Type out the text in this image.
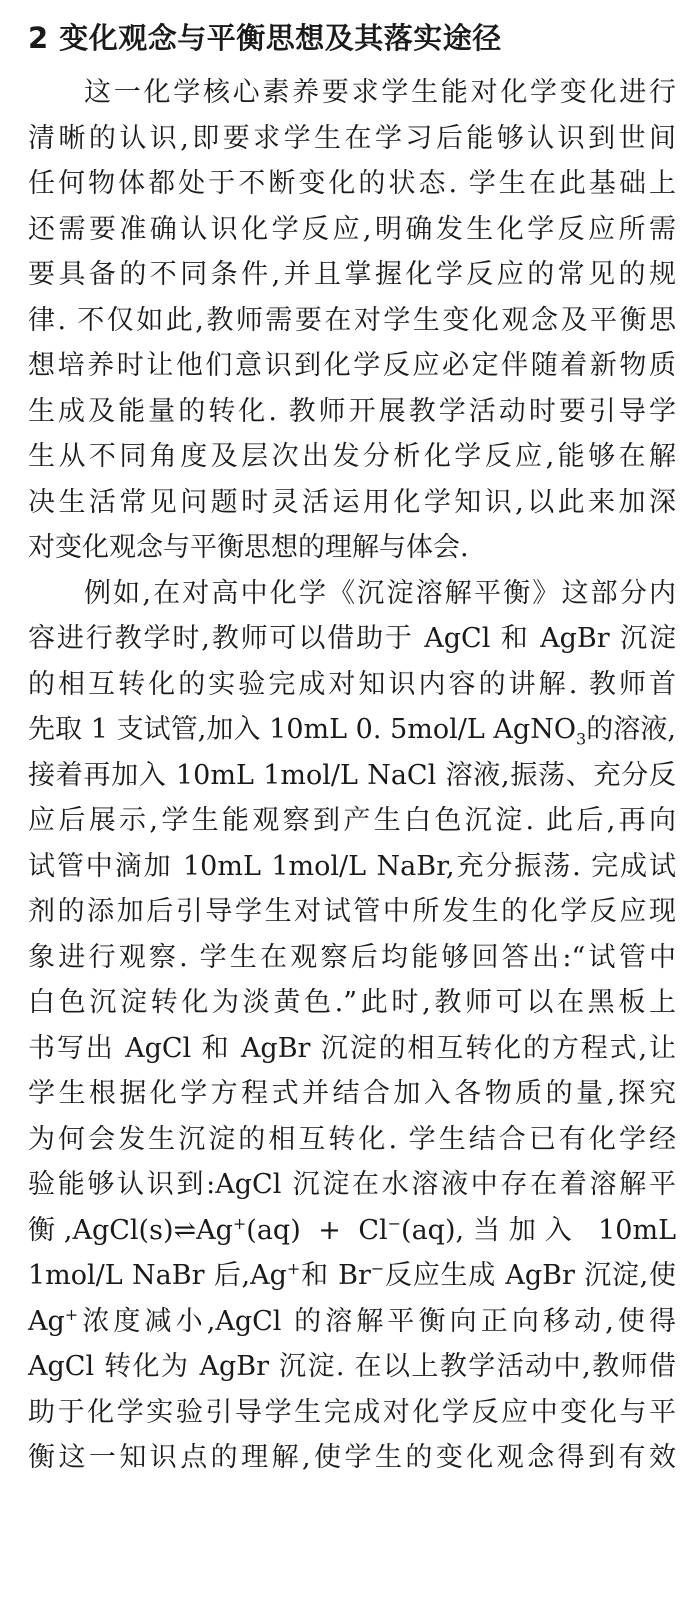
2 变化观念与平衡思想及其落实途径
这一化学核心素养要求学生能对化学变化进行
清晰的认识,即要求学生在学习后能够认识到世间
任何物体都处于不断变化的状态. 学生在此基础上
还需要准确认识化学反应,明确发生化学反应所需
要具备的不同条件,并且掌握化学反应的常见的规
律. 不仅如此,教师需要在对学生变化观念及平衡思
想培养时让他们意识到化学反应必定伴随着新物质
生成及能量的转化. 教师开展教学活动时要引导学
生从不同角度及层次出发分析化学反应,能够在解
决生活常见问题时灵活运用化学知识,以此来加深
对变化观念与平衡思想的理解与体会.
例如,在对高中化学《沉淀溶解平衡》这部分内
容进行教学时,教师可以借助于 AgCl 和 AgBr 沉淀
的相互转化的实验完成对知识内容的讲解. 教师首
先取 1 支试管,加入 10mL 0. 5mol/L AgNO$_3$的溶液,
接着再加入 10mL 1mol/L NaCl 溶液,振荡、充分反
应后展示,学生能观察到产生白色沉淀. 此后,再向
试管中滴加 10mL 1mol/L NaBr,充分振荡. 完成试
剂的添加后引导学生对试管中所发生的化学反应现
象进行观察. 学生在观察后均能够回答出:“试管中
白色沉淀转化为淡黄色.”此时,教师可以在黑板上
书写出 AgCl 和 AgBr 沉淀的相互转化的方程式,让
学生根据化学方程式并结合加入各物质的量,探究
为何会发生沉淀的相互转化. 学生结合已有化学经
验能够认识到:AgCl 沉淀在水溶液中存在着溶解平
衡,AgCl(s)⇌Ag+(aq) + Cl−(aq),当加入 10mL
1mol/L NaBr 后,Ag+和 Br−反应生成 AgBr 沉淀,使
Ag+浓度减小,AgCl 的溶解平衡向正向移动,使得
AgCl 转化为 AgBr 沉淀. 在以上教学活动中,教师借
助于化学实验引导学生完成对化学反应中变化与平
衡这一知识点的理解,使学生的变化观念得到有效
